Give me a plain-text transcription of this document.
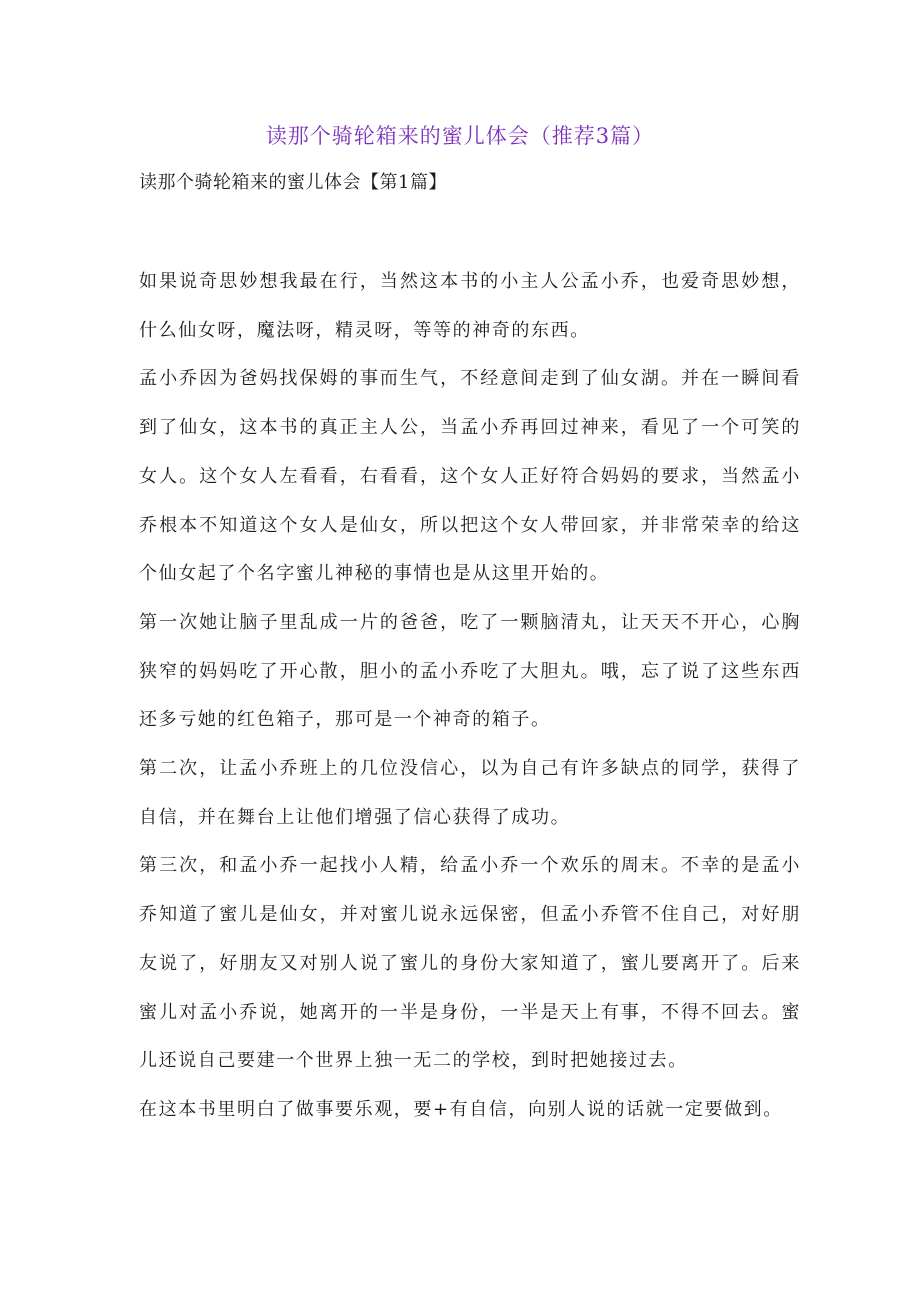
读那个骑轮箱来的蜜儿体会（推荐3篇）
读那个骑轮箱来的蜜儿体会【第1篇】

如果说奇思妙想我最在行，当然这本书的小主人公孟小乔，也爱奇思妙想，什么仙女呀，魔法呀，精灵呀，等等的神奇的东西。

孟小乔因为爸妈找保姆的事而生气，不经意间走到了仙女湖。并在一瞬间看到了仙女，这本书的真正主人公，当孟小乔再回过神来，看见了一个可笑的女人。这个女人左看看，右看看，这个女人正好符合妈妈的要求，当然孟小乔根本不知道这个女人是仙女，所以把这个女人带回家，并非常荣幸的给这个仙女起了个名字蜜儿神秘的事情也是从这里开始的。

第一次她让脑子里乱成一片的爸爸，吃了一颗脑清丸，让天天不开心，心胸狭窄的妈妈吃了开心散，胆小的孟小乔吃了大胆丸。哦，忘了说了这些东西还多亏她的红色箱子，那可是一个神奇的箱子。

第二次，让孟小乔班上的几位没信心，以为自己有许多缺点的同学，获得了自信，并在舞台上让他们增强了信心获得了成功。

第三次，和孟小乔一起找小人精，给孟小乔一个欢乐的周末。不幸的是孟小乔知道了蜜儿是仙女，并对蜜儿说永远保密，但孟小乔管不住自己，对好朋友说了，好朋友又对别人说了蜜儿的身份大家知道了，蜜儿要离开了。后来蜜儿对孟小乔说，她离开的一半是身份，一半是天上有事，不得不回去。蜜儿还说自己要建一个世界上独一无二的学校，到时把她接过去。

在这本书里明白了做事要乐观，要+有自信，向别人说的话就一定要做到。
